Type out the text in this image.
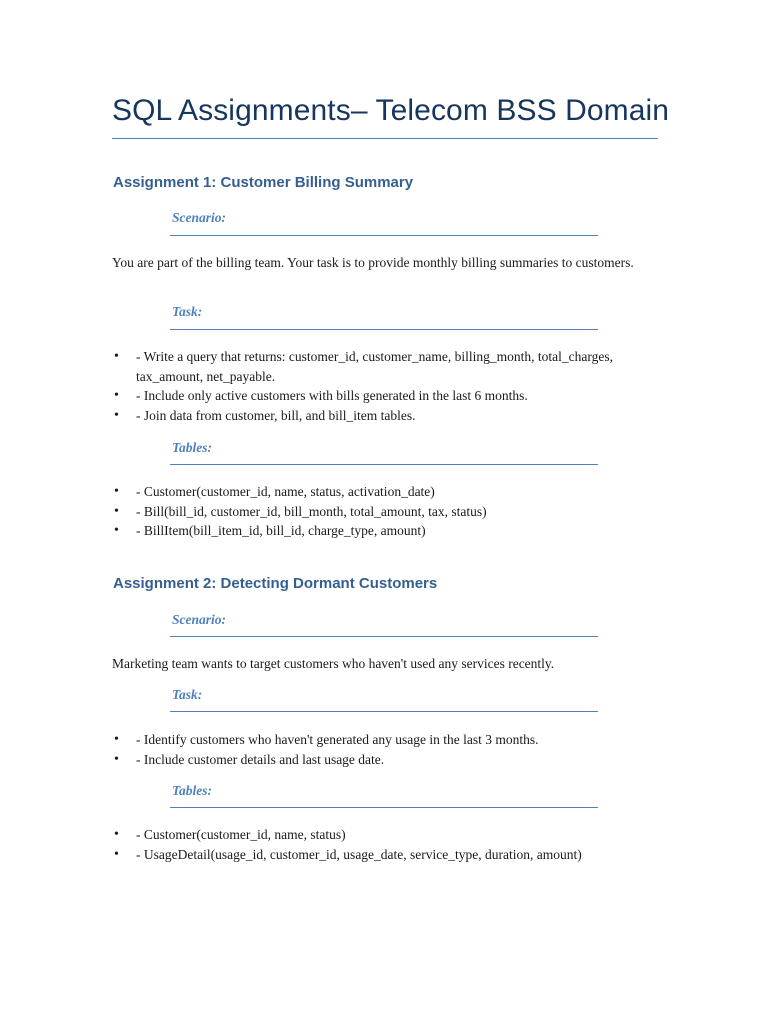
SQL Assignments– Telecom BSS Domain
Assignment 1: Customer Billing Summary
Scenario:
You are part of the billing team. Your task is to provide monthly billing summaries to customers.
Task:
• - Write a query that returns: customer_id, customer_name, billing_month, total_charges, tax_amount, net_payable.
• - Include only active customers with bills generated in the last 6 months.
• - Join data from customer, bill, and bill_item tables.
Tables:
• - Customer(customer_id, name, status, activation_date)
• - Bill(bill_id, customer_id, bill_month, total_amount, tax, status)
• - BillItem(bill_item_id, bill_id, charge_type, amount)
Assignment 2: Detecting Dormant Customers
Scenario:
Marketing team wants to target customers who haven't used any services recently.
Task:
• - Identify customers who haven't generated any usage in the last 3 months.
• - Include customer details and last usage date.
Tables:
• - Customer(customer_id, name, status)
• - UsageDetail(usage_id, customer_id, usage_date, service_type, duration, amount)
